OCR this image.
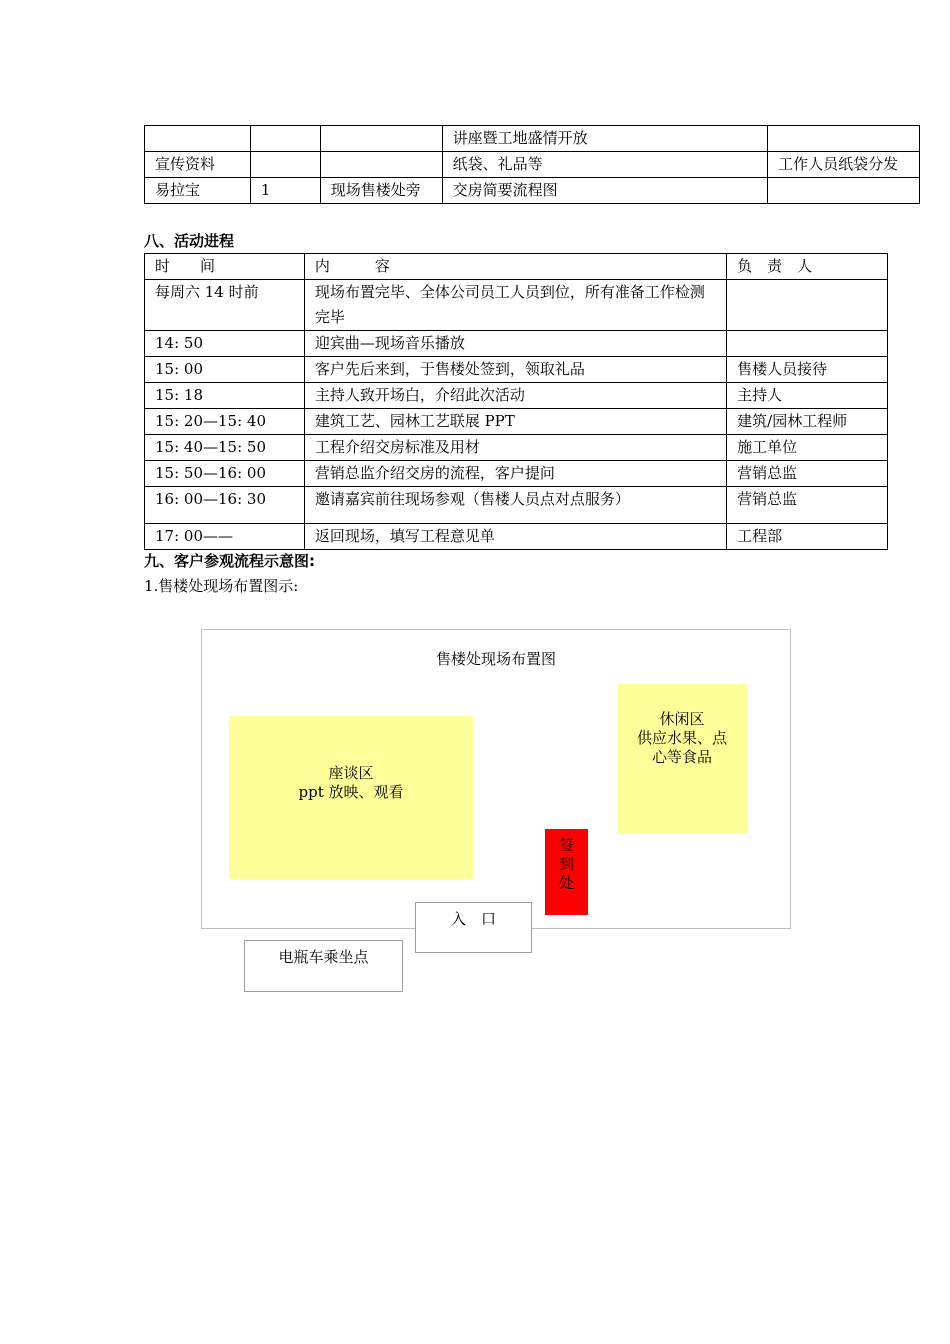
			讲座暨工地盛情开放	
宣传资料			纸袋、礼品等	工作人员纸袋分发
易拉宝	1	现场售楼处旁	交房简要流程图	
八、活动进程
时　　间	内　　　容	负　责　人
每周六 14 时前	现场布置完毕、全体公司员工人员到位，所有准备工作检测完毕	
14: 50	迎宾曲—现场音乐播放	
15: 00	客户先后来到，于售楼处签到，领取礼品	售楼人员接待
15: 18	主持人致开场白，介绍此次活动	主持人
15: 20—15: 40	建筑工艺、园林工艺联展 PPT	建筑/园林工程师
15: 40—15: 50	工程介绍交房标准及用材	施工单位
15: 50—16: 00	营销总监介绍交房的流程，客户提问	营销总监
16: 00—16: 30	邀请嘉宾前往现场参观（售楼人员点对点服务）	营销总监
17: 00——	返回现场，填写工程意见单	工程部
九、客户参观流程示意图:
1.售楼处现场布置图示:
售楼处现场布置图
座谈区
ppt 放映、观看
休闲区
供应水果、点
心等食品
签
到
处
入　口
电瓶车乘坐点
